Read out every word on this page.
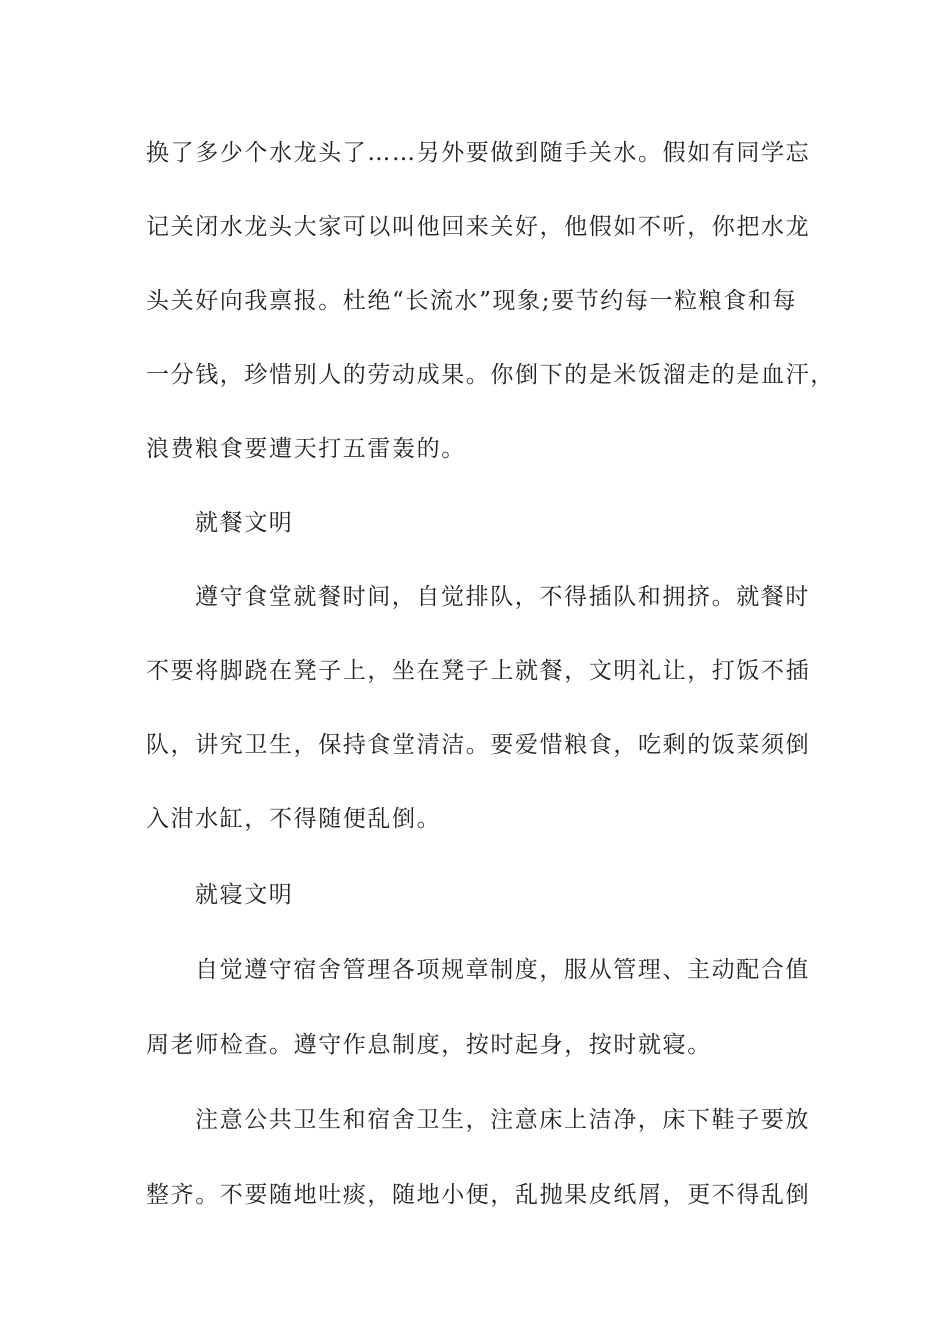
换了多少个水龙头了……另外要做到随手关水。假如有同学忘
记关闭水龙头大家可以叫他回来关好，他假如不听，你把水龙
头关好向我禀报。杜绝“长流水”现象;要节约每一粒粮食和每
一分钱，珍惜别人的劳动成果。你倒下的是米饭溜走的是血汗，
浪费粮食要遭天打五雷轰的。
就餐文明
遵守食堂就餐时间，自觉排队，不得插队和拥挤。就餐时
不要将脚跷在凳子上，坐在凳子上就餐，文明礼让，打饭不插
队，讲究卫生，保持食堂清洁。要爱惜粮食，吃剩的饭菜须倒
入泔水缸，不得随便乱倒。
就寝文明
自觉遵守宿舍管理各项规章制度，服从管理、主动配合值
周老师检查。遵守作息制度，按时起身，按时就寝。
注意公共卫生和宿舍卫生，注意床上洁净，床下鞋子要放
整齐。不要随地吐痰，随地小便，乱抛果皮纸屑，更不得乱倒
